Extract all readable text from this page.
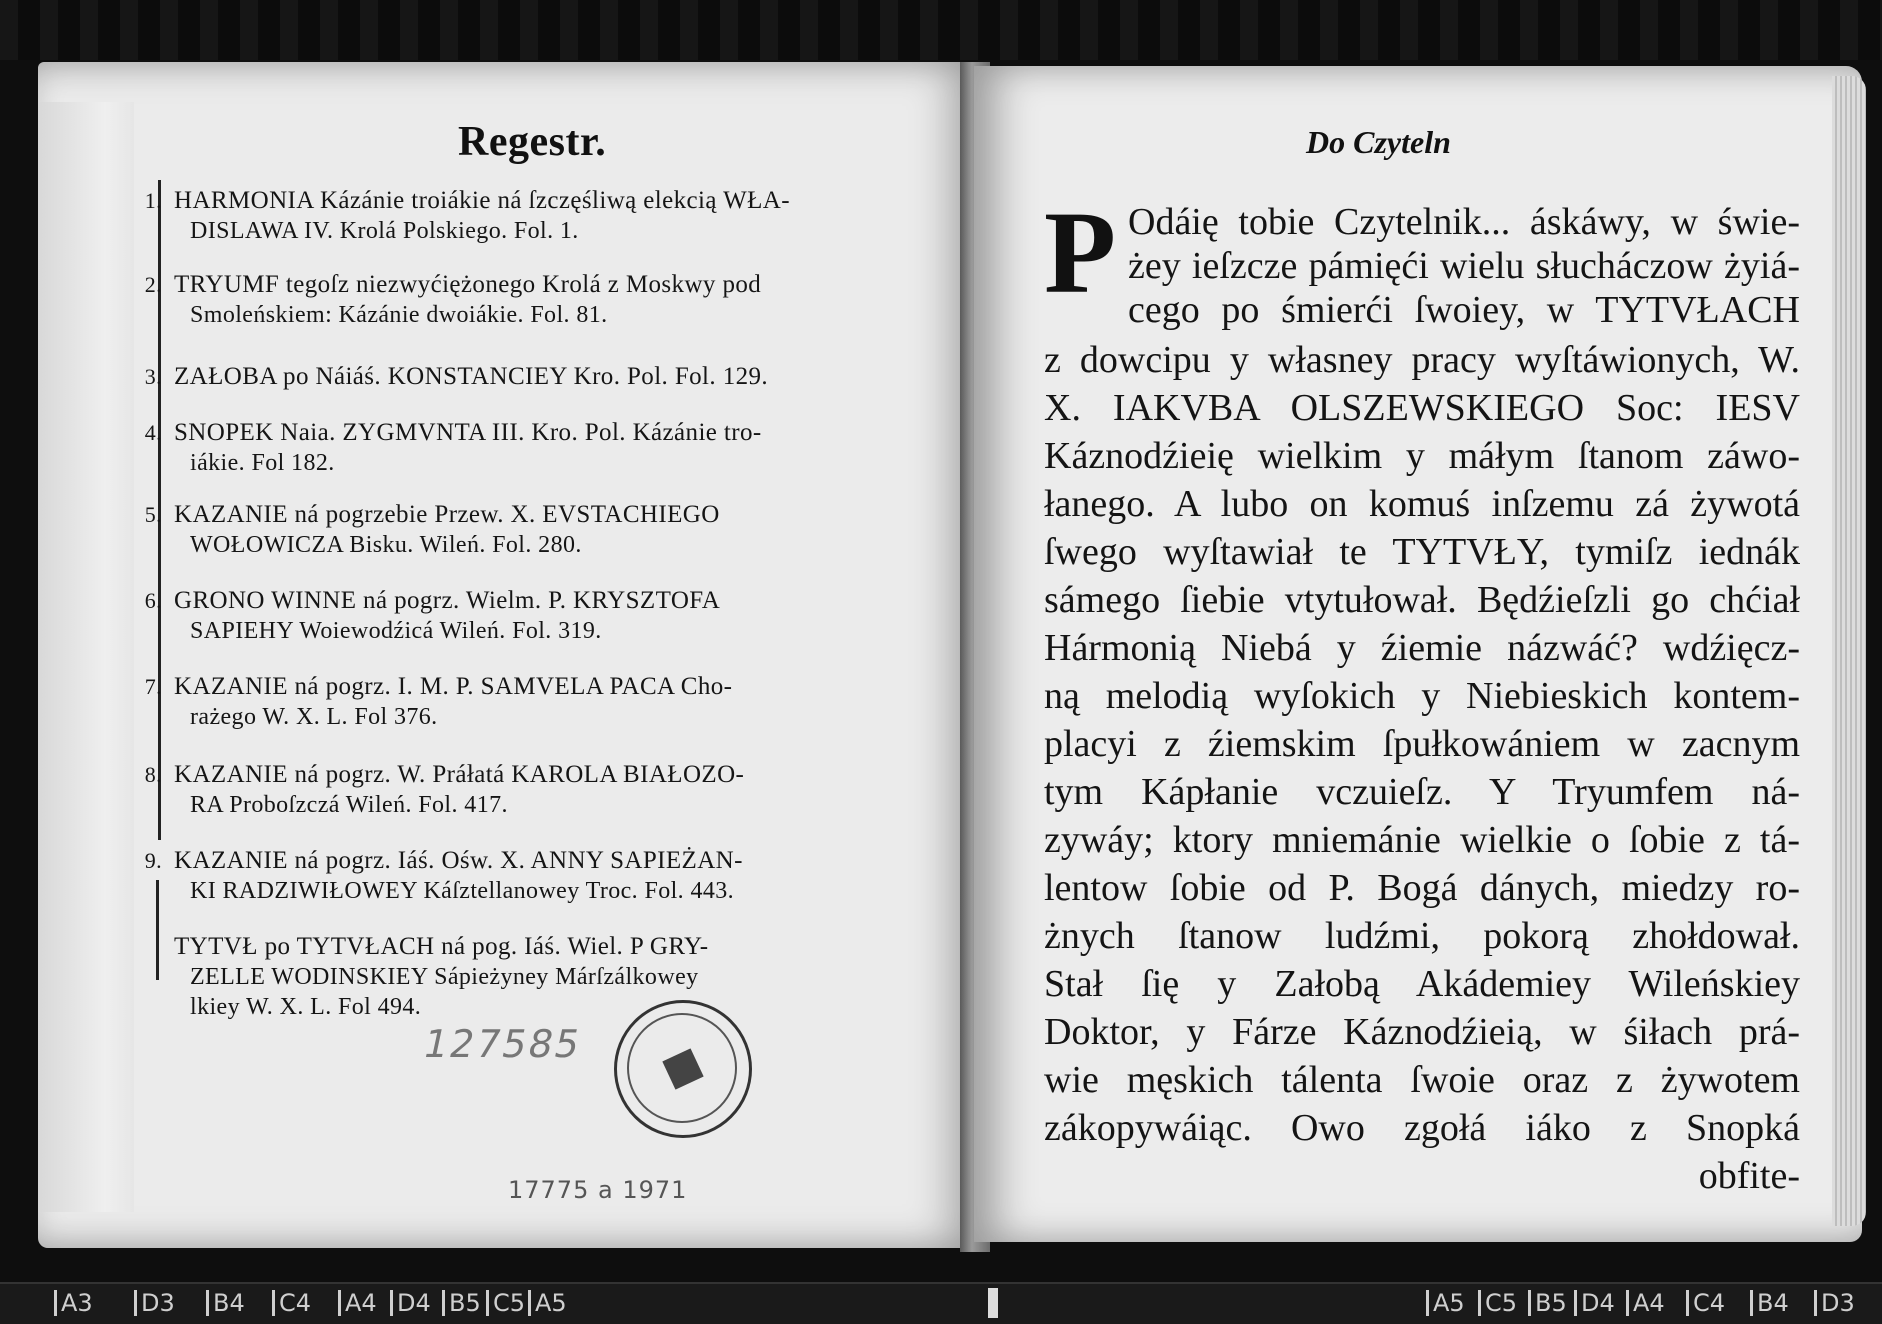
Regestr.
1. HARMONIA Kázánie troiákie ná ſzczęśliwą elekcią WŁA-
DISLAWA IV. Krolá Polskiego. Fol. 1.
2. TRYUMF tegoſz niezwyćiężonego Krolá z Moskwy pod
Smoleńskiem: Kázánie dwoiákie. Fol. 81.
3. ZAŁOBA po Náiáś. KONSTANCIEY Kro. Pol. Fol. 129.
4. SNOPEK Naia. ZYGMVNTA III. Kro. Pol. Kázánie tro-
iákie. Fol 182.
5. KAZANIE ná pogrzebie Przew. X. EVSTACHIEGO
WOŁOWICZA Bisku. Wileń. Fol. 280.
6. GRONO WINNE ná pogrz. Wielm. P. KRYSZTOFA
SAPIEHY Woiewodźicá Wileń. Fol. 319.
7. KAZANIE ná pogrz. I. M. P. SAMVELA PACA Cho-
rażego W. X. L. Fol 376.
8. KAZANIE ná pogrz. W. Práłatá KAROLA BIAŁOZO-
RA Proboſzczá Wileń. Fol. 417.
9. KAZANIE ná pogrz. Iáś. Ośw. X. ANNY SAPIEŻAN-
KI RADZIWIŁOWEY Káſztellanowey Troc. Fol. 443.
TYTVŁ po TYTVŁACH ná pog. Iáś. Wiel. P GRY-
ZELLE WODINSKIEY Sápieżyney Márſzálkowey
lkiey W. X. L. Fol 494.
127585
17775 a 1971
Do Czyteln
P Odáię tobie Czytelnik... áskáwy, w świe-
żey ieſzcze pámięći wielu słucháczow żyiá-
cego po śmierći ſwoiey, w TYTVŁACH
z dowcipu y własney pracy wyſtáwionych, W.
X. IAKVBA OLSZEWSKIEGO Soc: IESV
Káznodźieię wielkim y máłym ſtanom záwo-
łanego. A lubo on komuś inſzemu zá żywotá
ſwego wyſtawiał te TYTVŁY, tymiſz iednák
sámego ſiebie vtytułował. Będźieſzli go chćiał
Hármonią Niebá y źiemie názwáć? wdźięcz-
ną melodią wyſokich y Niebieskich kontem-
placyi z źiemskim ſpułkowániem w zacnym
tym Kápłanie vczuieſz. Y Tryumfem ná-
zywáy; ktory mniemánie wielkie o ſobie z tá-
lentow ſobie od P. Bogá dánych, miedzy ro-
żnych ſtanow ludźmi, pokorą zhołdował.
Stał ſię y Załobą Akádemiey Wileńskiey
Doktor, y Fárze Káznodźieią, w śiłach prá-
wie męskich tálenta ſwoie oraz z żywotem
zákopywáiąc. Owo zgołá iáko z Snopká
obfite-
A3 D3 B4 C4 A4 D4 B5 C5 A5	A5 C5 B5 D4 A4 C4 B4 D3
